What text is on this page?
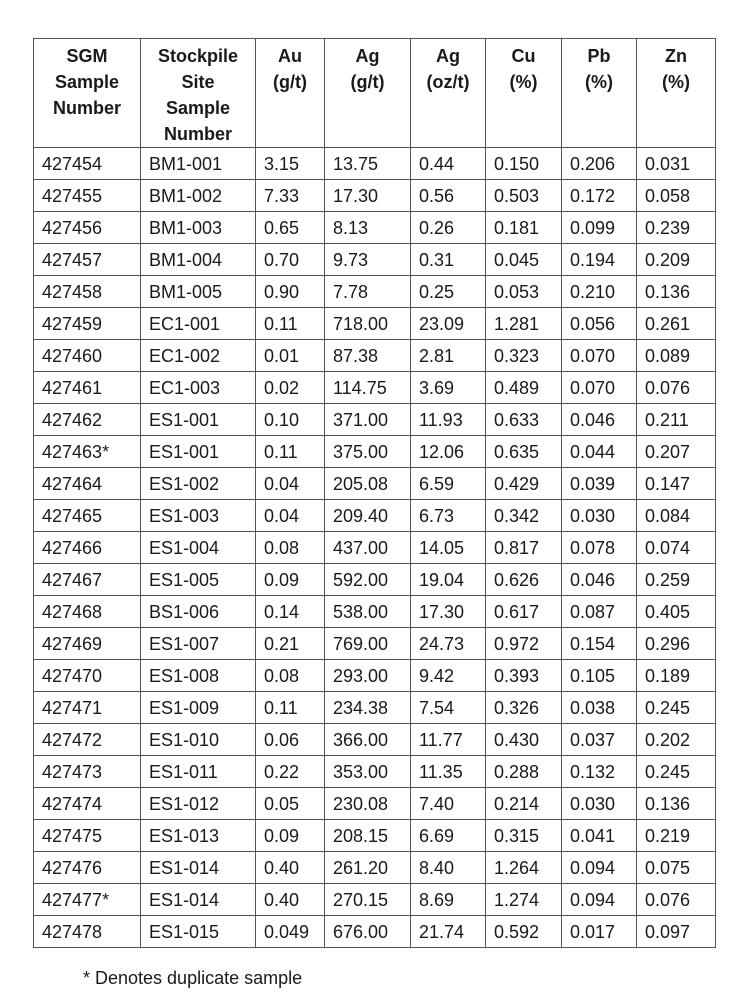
SGM
Sample
Number	Stockpile
Site
Sample
Number	Au
(g/t)	Ag
(g/t)	Ag
(oz/t)	Cu
(%)	Pb
(%)	Zn
(%)

427454	BM1-001	3.15	13.75	0.44	0.150	0.206	0.031
427455	BM1-002	7.33	17.30	0.56	0.503	0.172	0.058
427456	BM1-003	0.65	8.13	0.26	0.181	0.099	0.239
427457	BM1-004	0.70	9.73	0.31	0.045	0.194	0.209
427458	BM1-005	0.90	7.78	0.25	0.053	0.210	0.136
427459	EC1-001	0.11	718.00	23.09	1.281	0.056	0.261
427460	EC1-002	0.01	87.38	2.81	0.323	0.070	0.089
427461	EC1-003	0.02	114.75	3.69	0.489	0.070	0.076
427462	ES1-001	0.10	371.00	11.93	0.633	0.046	0.211
427463*	ES1-001	0.11	375.00	12.06	0.635	0.044	0.207
427464	ES1-002	0.04	205.08	6.59	0.429	0.039	0.147
427465	ES1-003	0.04	209.40	6.73	0.342	0.030	0.084
427466	ES1-004	0.08	437.00	14.05	0.817	0.078	0.074
427467	ES1-005	0.09	592.00	19.04	0.626	0.046	0.259
427468	BS1-006	0.14	538.00	17.30	0.617	0.087	0.405
427469	ES1-007	0.21	769.00	24.73	0.972	0.154	0.296
427470	ES1-008	0.08	293.00	9.42	0.393	0.105	0.189
427471	ES1-009	0.11	234.38	7.54	0.326	0.038	0.245
427472	ES1-010	0.06	366.00	11.77	0.430	0.037	0.202
427473	ES1-011	0.22	353.00	11.35	0.288	0.132	0.245
427474	ES1-012	0.05	230.08	7.40	0.214	0.030	0.136
427475	ES1-013	0.09	208.15	6.69	0.315	0.041	0.219
427476	ES1-014	0.40	261.20	8.40	1.264	0.094	0.075
427477*	ES1-014	0.40	270.15	8.69	1.274	0.094	0.076
427478	ES1-015	0.049	676.00	21.74	0.592	0.017	0.097
* Denotes duplicate sample
